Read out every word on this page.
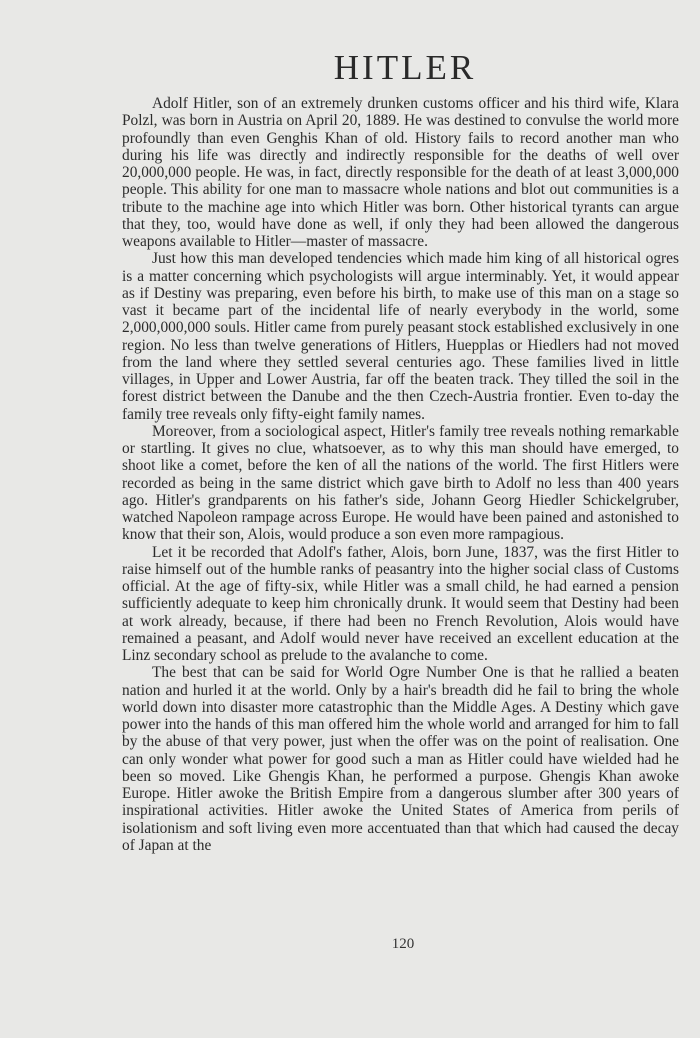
HITLER

Adolf Hitler, son of an extremely drunken customs officer and his third wife, Klara Polzl, was born in Austria on April 20, 1889. He was destined to convulse the world more profoundly than even Genghis Khan of old. History fails to record another man who during his life was directly and indirectly responsible for the deaths of well over 20,000,000 people. He was, in fact, directly responsible for the death of at least 3,000,000 people. This ability for one man to massacre whole nations and blot out communities is a tribute to the machine age into which Hitler was born. Other historical tyrants can argue that they, too, would have done as well, if only they had been allowed the dangerous weapons available to Hitler—master of massacre.

Just how this man developed tendencies which made him king of all historical ogres is a matter concerning which psychologists will argue interminably. Yet, it would appear as if Destiny was preparing, even before his birth, to make use of this man on a stage so vast it became part of the incidental life of nearly everybody in the world, some 2,000,000,000 souls. Hitler came from purely peasant stock established exclusively in one region. No less than twelve generations of Hitlers, Huepplas or Hiedlers had not moved from the land where they settled several centuries ago. These families lived in little villages, in Upper and Lower Austria, far off the beaten track. They tilled the soil in the forest district between the Danube and the then Czech-Austria frontier. Even to-day the family tree reveals only fifty-eight family names.

Moreover, from a sociological aspect, Hitler's family tree reveals nothing remarkable or startling. It gives no clue, whatsoever, as to why this man should have emerged, to shoot like a comet, before the ken of all the nations of the world. The first Hitlers were recorded as being in the same district which gave birth to Adolf no less than 400 years ago. Hitler's grandparents on his father's side, Johann Georg Hiedler Schickelgruber, watched Napoleon rampage across Europe. He would have been pained and astonished to know that their son, Alois, would produce a son even more rampagious.

Let it be recorded that Adolf's father, Alois, born June, 1837, was the first Hitler to raise himself out of the humble ranks of peasantry into the higher social class of Customs official. At the age of fifty-six, while Hitler was a small child, he had earned a pension sufficiently adequate to keep him chronically drunk. It would seem that Destiny had been at work already, because, if there had been no French Revolution, Alois would have remained a peasant, and Adolf would never have received an excellent education at the Linz secondary school as prelude to the avalanche to come.

The best that can be said for World Ogre Number One is that he rallied a beaten nation and hurled it at the world. Only by a hair's breadth did he fail to bring the whole world down into disaster more catastrophic than the Middle Ages. A Destiny which gave power into the hands of this man offered him the whole world and arranged for him to fall by the abuse of that very power, just when the offer was on the point of realisation. One can only wonder what power for good such a man as Hitler could have wielded had he been so moved. Like Ghengis Khan, he performed a purpose. Ghengis Khan awoke Europe. Hitler awoke the British Empire from a dangerous slumber after 300 years of inspirational activities. Hitler awoke the United States of America from perils of isolationism and soft living even more accentuated than that which had caused the decay of Japan at the

120
